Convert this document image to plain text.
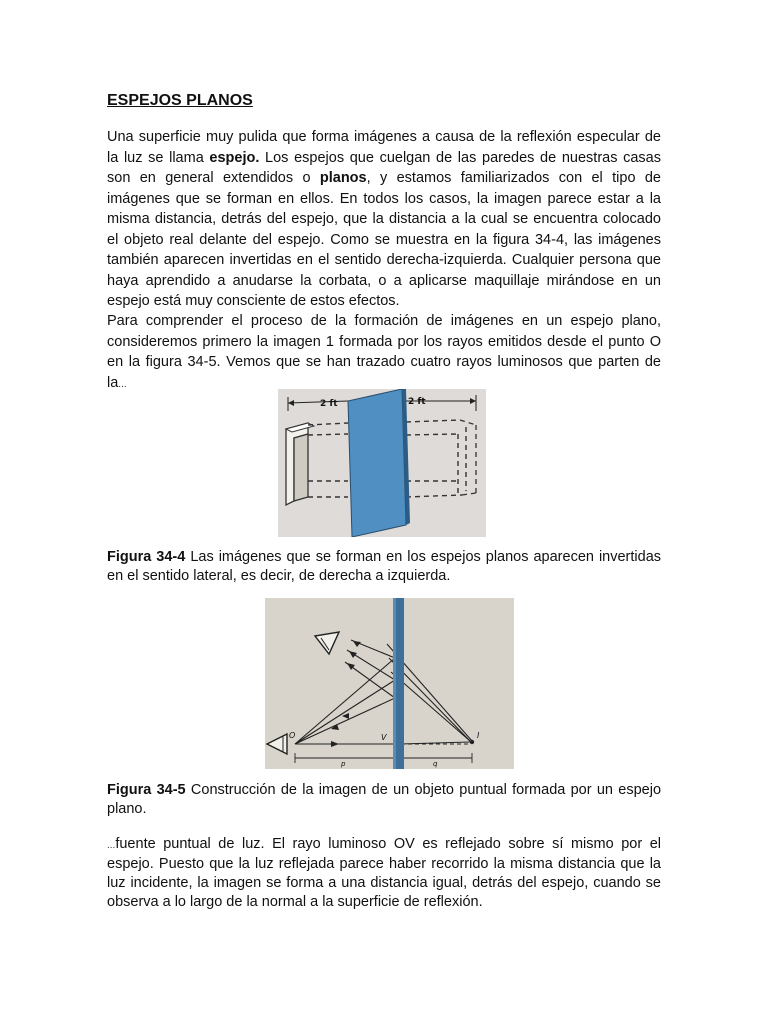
ESPEJOS PLANOS

Una superficie muy pulida que forma imágenes a causa de la reflexión especular de la luz se llama espejo. Los espejos que cuelgan de las paredes de nuestras casas son en general extendidos o planos, y estamos familiarizados con el tipo de imágenes que se forman en ellos. En todos los casos, la imagen parece estar a la misma distancia, detrás del espejo, que la distancia a la cual se encuentra colocado el objeto real delante del espejo. Como se muestra en la figura 34-4, las imágenes también aparecen invertidas en el sentido derecha-izquierda. Cualquier persona que haya aprendido a anudarse la corbata, o a aplicarse maquillaje mirándose en un espejo está muy consciente de estos efectos.

Para comprender el proceso de la formación de imágenes en un espejo plano, consideremos primero la imagen 1 formada por los rayos emitidos desde el punto O en la figura 34-5. Vemos que se han trazado cuatro rayos luminosos que parten de la...

2 ft	2 ft

Figura 34-4 Las imágenes que se forman en los espejos planos aparecen invertidas en el sentido lateral, es decir, de derecha a izquierda.

O	V	I
p	q

Figura 34-5 Construcción de la imagen de un objeto puntual formada por un espejo plano.

...fuente puntual de luz. El rayo luminoso OV es reflejado sobre sí mismo por el espejo. Puesto que la luz reflejada parece haber recorrido la misma distancia que la luz incidente, la imagen se forma a una distancia igual, detrás del espejo, cuando se observa a lo largo de la normal a la superficie de reflexión.
